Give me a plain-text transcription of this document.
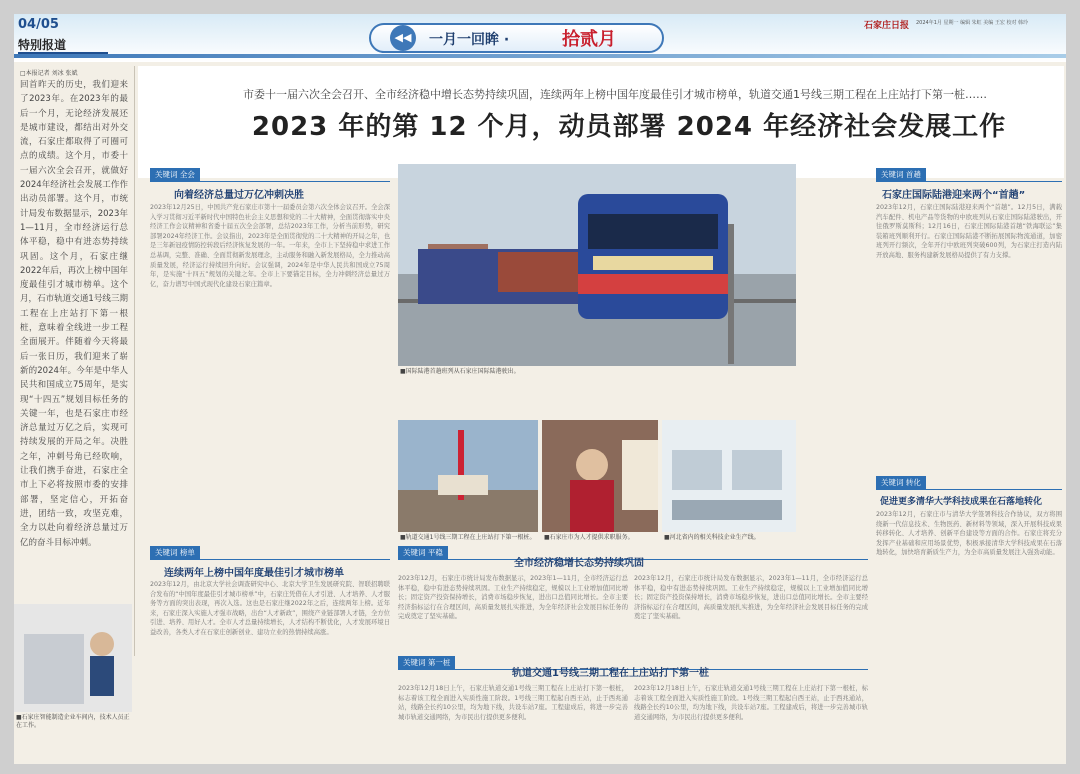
04/05
特别报道
◀◀	一月一回眸 ·	拾贰月
石家庄日报 2024年1月 星期一 编辑 朱虹 美编 王宏 校对 韩玲
□本报记者 刘冰 张斌
回首昨天的历史，我们迎来了2023年。在2023年的最后一个月，无论经济发展还是城市建设，都结出对外交流，石家庄都取得了可圈可点的成绩。这个月，市委十一届六次全会召开，就做好2024年经济社会发展工作作出动员部署。这个月，市统计局发布数据显示，2023年1—11月，全市经济运行总体平稳，稳中有进态势持续巩固。这个月，石家庄继2022年后，再次上榜中国年度最佳引才城市榜单。这个月，石市轨道交通1号线三期工程在上庄站打下第一根桩，意味着全线进一步工程全面展开。伴随着今天将最后一张日历，我们迎来了崭新的2024年。今年是中华人民共和国成立75周年，是实现“十四五”规划目标任务的关键一年，也是石家庄市经济总量过万亿之后，实现可持续发展的开局之年。决胜之年，冲刺号角已经吹响，让我们携手奋进，石家庄全市上下必将按照市委的安排部署，坚定信心，开拓奋进，团结一致，攻坚克难，全力以赴向着经济总量过万亿的奋斗目标冲刺。
市委十一届六次全会召开、全市经济稳中增长态势持续巩固，连续两年上榜中国年度最佳引才城市榜单，轨道交通1号线三期工程在上庄站打下第一桩……
2023 年的第 12 个月，动员部署 2024 年经济社会发展工作
关键词 全会
向着经济总量过万亿冲刺决胜
2023年12月25日，中国共产党石家庄市第十一届委员会第六次全体会议召开。全会深入学习贯彻习近平新时代中国特色社会主义思想和党的二十大精神，全面贯彻落实中央经济工作会议精神和省委十届五次全会部署，总结2023年工作，分析当前形势，研究部署2024年经济工作。会议指出，2023年是全面贯彻党的二十大精神的开局之年，也是三年新冠疫情防控转段后经济恢复发展的一年。一年来，全市上下坚持稳中求进工作总基调，完整、准确、全面贯彻新发展理念，主动服务和融入新发展格局，全力推动高质量发展，经济运行持续回升向好。会议强调，2024年是中华人民共和国成立75周年，是实施“十四五”规划的关键之年。全市上下要锚定目标，全力冲刺经济总量过万亿，奋力谱写中国式现代化建设石家庄篇章。
■国际陆港首趟班列从石家庄国际陆港驶出。
■轨道交通1号线三期工程在上庄站打下第一根桩。 ■石家庄市为人才提供求职服务。	■河北省内的相关科技企业生产线。
关键词 首趟
石家庄国际陆港迎来两个“首趟”
2023年12月，石家庄国际陆港迎来两个“首趟”。12月5日，满载汽车配件、机电产品等货物的中欧班列从石家庄国际陆港驶出，开往俄罗斯莫斯科；12月16日，石家庄国际陆港首趟“铁海联运”集装箱班列顺利开行。石家庄国际陆港不断拓展国际物流通道，加密班列开行频次，全年开行中欧班列突破600列，为石家庄打造内陆开放高地、服务构建新发展格局提供了有力支撑。
关键词 转化
促进更多清华大学科技成果在石落地转化
2023年12月，石家庄市与清华大学签署科技合作协议，双方将围绕新一代信息技术、生物医药、新材料等领域，深入开展科技成果转移转化、人才培养、创新平台建设等方面的合作。石家庄将充分发挥产业基础和应用场景优势，积极承接清华大学科技成果在石落地转化，加快培育新质生产力，为全市高质量发展注入强劲动能。
关键词 榜单
连续两年上榜中国年度最佳引才城市榜单
2023年12月，由北京大学社会调查研究中心、北京大学卫生发展研究院、智联招聘联合发布的“中国年度最佳引才城市榜单”中，石家庄凭借在人才引进、人才培养、人才服务等方面的突出表现，再次入选。这也是石家庄继2022年之后，连续两年上榜。近年来，石家庄深入实施人才强市战略，出台“人才新政”，围绕产业链部署人才链，全方位引进、培养、用好人才。全市人才总量持续增长，人才结构不断优化，人才发展环境日益改善，各类人才在石家庄创新创业、建功立业的热情持续高涨。
■石家庄智能制造企业车间内，技术人员正在工作。
关键词 平稳
全市经济稳增长态势持续巩固
2023年12月，石家庄市统计局发布数据显示，2023年1—11月，全市经济运行总体平稳，稳中有进态势持续巩固。工业生产持续稳定，规模以上工业增加值同比增长；固定资产投资保持增长，消费市场稳步恢复，进出口总值同比增长。全市主要经济指标运行在合理区间，高质量发展扎实推进，为全年经济社会发展目标任务的完成奠定了坚实基础。
2023年12月，石家庄市统计局发布数据显示，2023年1—11月，全市经济运行总体平稳，稳中有进态势持续巩固。工业生产持续稳定，规模以上工业增加值同比增长；固定资产投资保持增长，消费市场稳步恢复，进出口总值同比增长。全市主要经济指标运行在合理区间，高质量发展扎实推进，为全年经济社会发展目标任务的完成奠定了坚实基础。
关键词 第一桩
轨道交通1号线三期工程在上庄站打下第一桩
2023年12月18日上午，石家庄轨道交通1号线三期工程在上庄站打下第一根桩，标志着该工程全面进入实质性施工阶段。1号线三期工程起自西王站，止于西兆通站，线路全长约10公里，均为地下线，共设车站7座。工程建成后，将进一步完善城市轨道交通网络，为市民出行提供更多便利。
2023年12月18日上午，石家庄轨道交通1号线三期工程在上庄站打下第一根桩，标志着该工程全面进入实质性施工阶段。1号线三期工程起自西王站，止于西兆通站，线路全长约10公里，均为地下线，共设车站7座。工程建成后，将进一步完善城市轨道交通网络，为市民出行提供更多便利。
